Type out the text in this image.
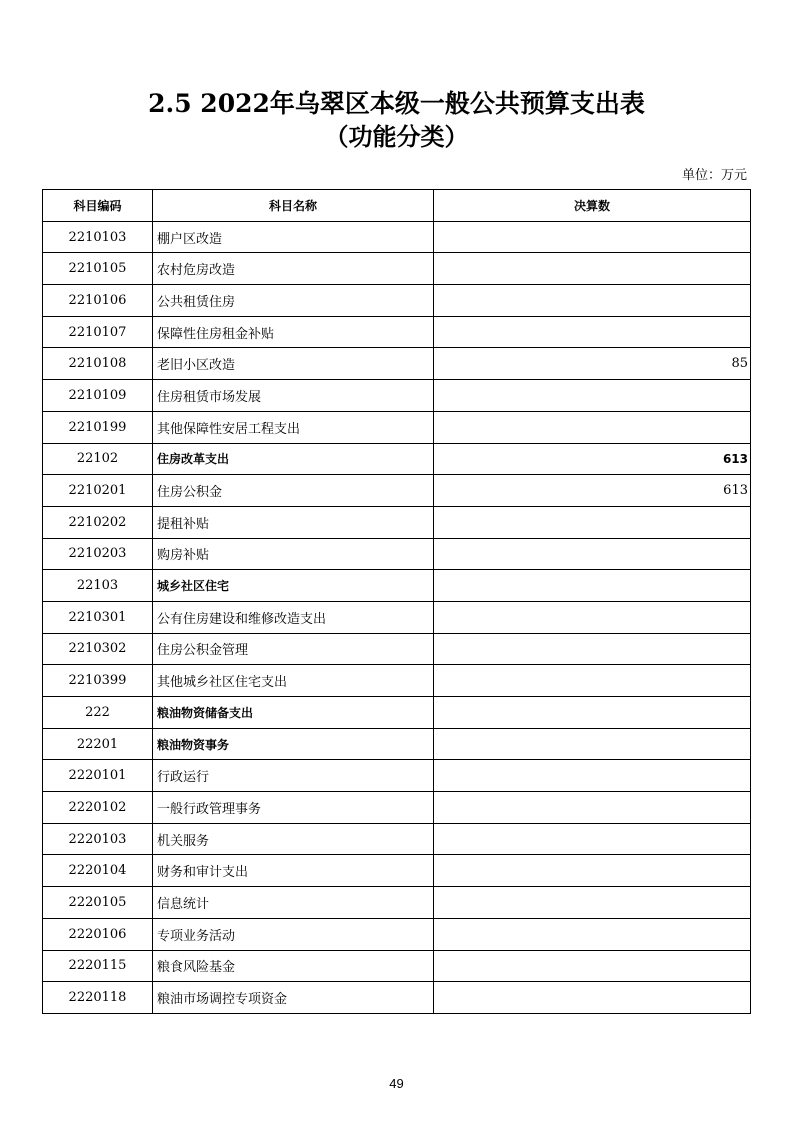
2.5 2022年乌翠区本级一般公共预算支出表
（功能分类）
单位：万元
科目编码	科目名称	决算数
2210103	棚户区改造	
2210105	农村危房改造	
2210106	公共租赁住房	
2210107	保障性住房租金补贴	
2210108	老旧小区改造	85
2210109	住房租赁市场发展	
2210199	其他保障性安居工程支出	
22102	住房改革支出	613
2210201	住房公积金	613
2210202	提租补贴	
2210203	购房补贴	
22103	城乡社区住宅	
2210301	公有住房建设和维修改造支出	
2210302	住房公积金管理	
2210399	其他城乡社区住宅支出	
222	粮油物资储备支出	
22201	粮油物资事务	
2220101	行政运行	
2220102	一般行政管理事务	
2220103	机关服务	
2220104	财务和审计支出	
2220105	信息统计	
2220106	专项业务活动	
2220115	粮食风险基金	
2220118	粮油市场调控专项资金	
49
